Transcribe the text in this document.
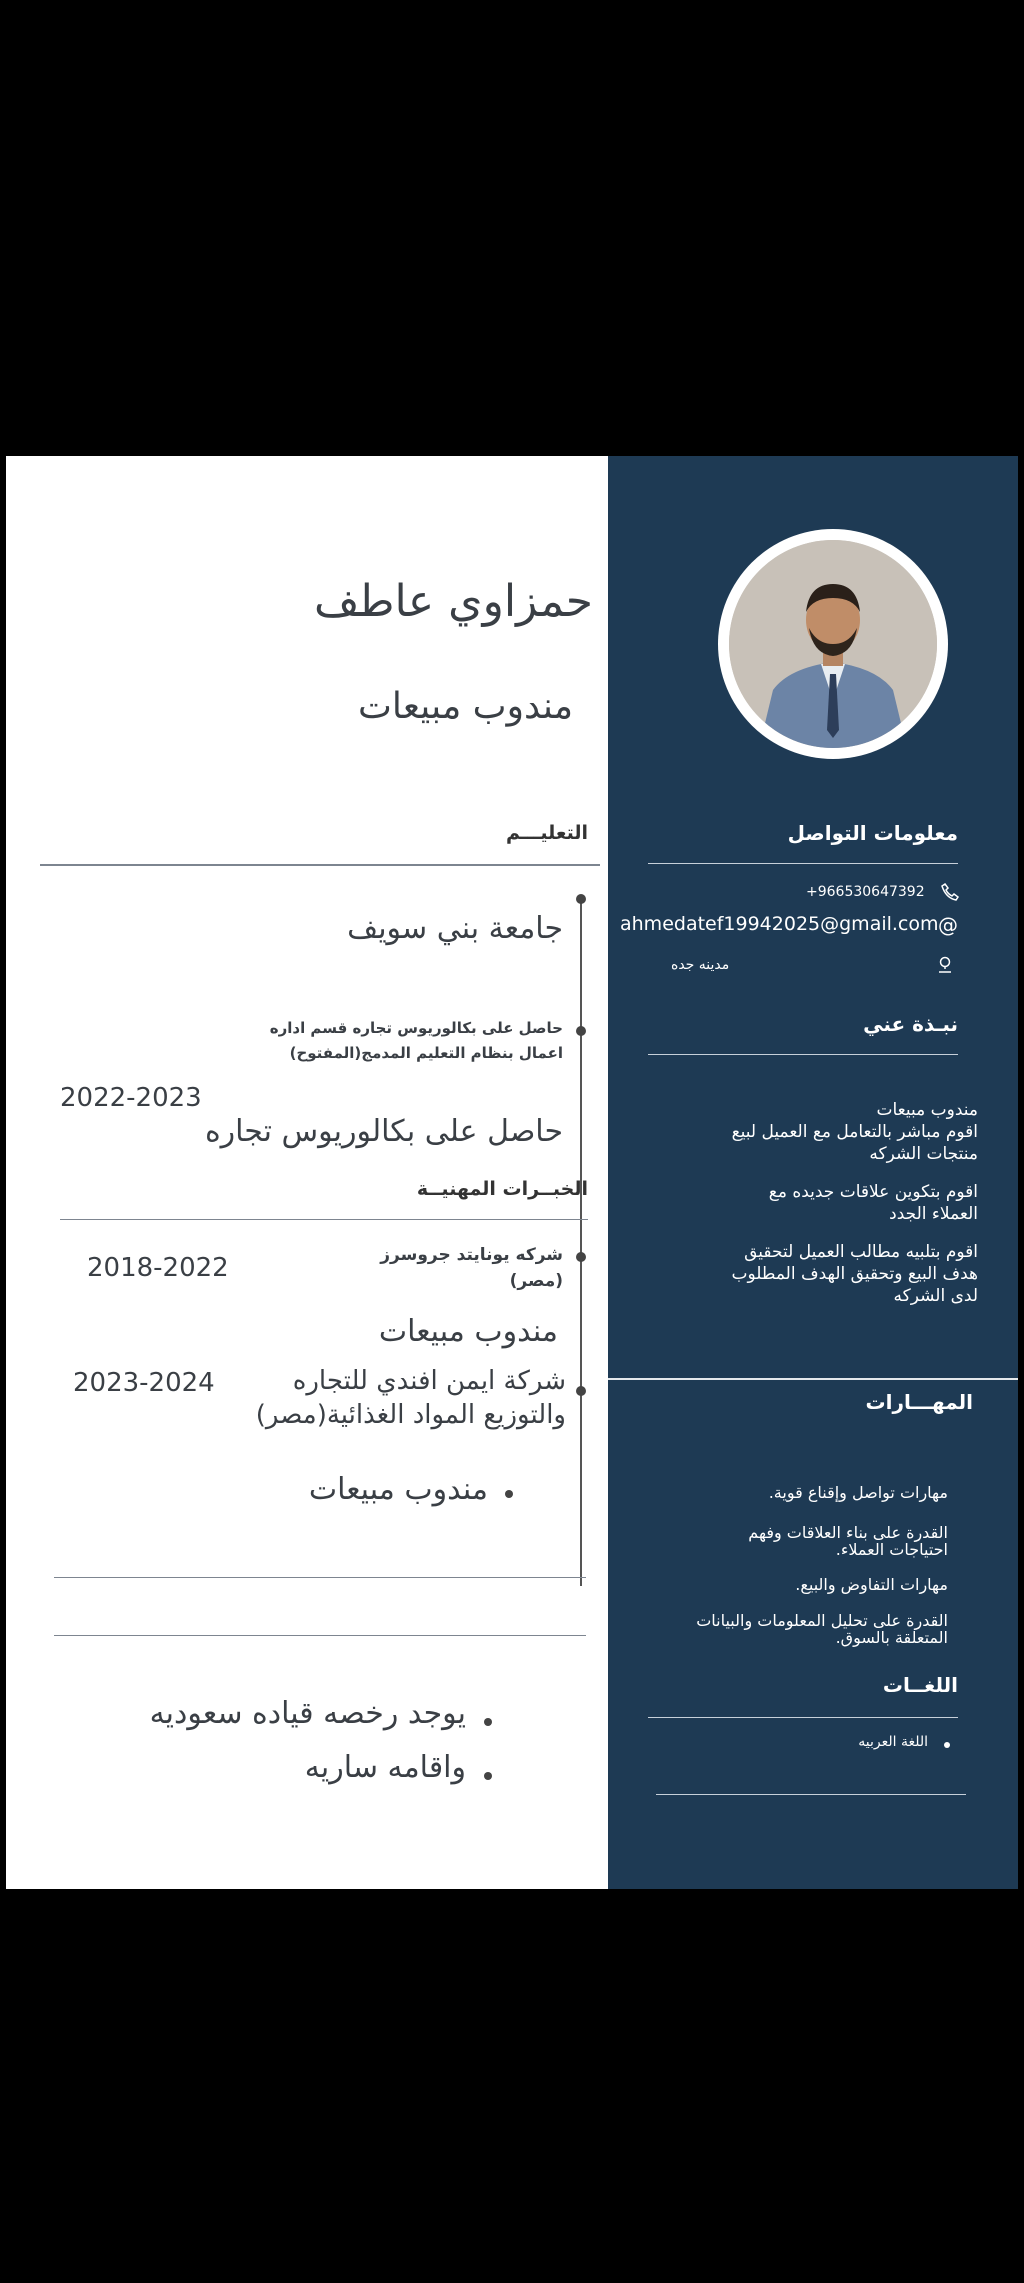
حمزاوي عاطف
مندوب مبيعات
التعليـــم
جامعة بني سويف
حاصل على بكالوريوس تجاره قسم اداره
اعمال بنظام التعليم المدمج(المفتوح)
2022-2023
حاصل على بكالوريوس تجاره
الخبــرات المهنيــة
شركه يونايتد جروسرز
(مصر)
2018-2022
مندوب مبيعات
شركة ايمن افندي للتجاره
والتوزيع المواد الغذائية(مصر)
2023-2024
مندوب مبيعات
يوجد رخصه قياده سعوديه
واقامه ساريه
معلومات التواصل
+966530647392
ahmedatef19942025@gmail.com @
مدينه جده
نبـذة عني
مندوب مبيعات
اقوم مباشر بالتعامل مع العميل لبيع
منتجات الشركه
اقوم بتكوين علاقات جديده مع
العملاء الجدد
اقوم بتلبيه مطالب العميل لتحقيق
هدف البيع وتحقيق الهدف المطلوب
لدى الشركه
المهـــارات
مهارات تواصل وإقناع قوية.
القدرة على بناء العلاقات وفهم
احتياجات العملاء.
مهارات التفاوض والبيع.
القدرة على تحليل المعلومات والبيانات
المتعلقة بالسوق.
اللغــات
اللغة العربيه
